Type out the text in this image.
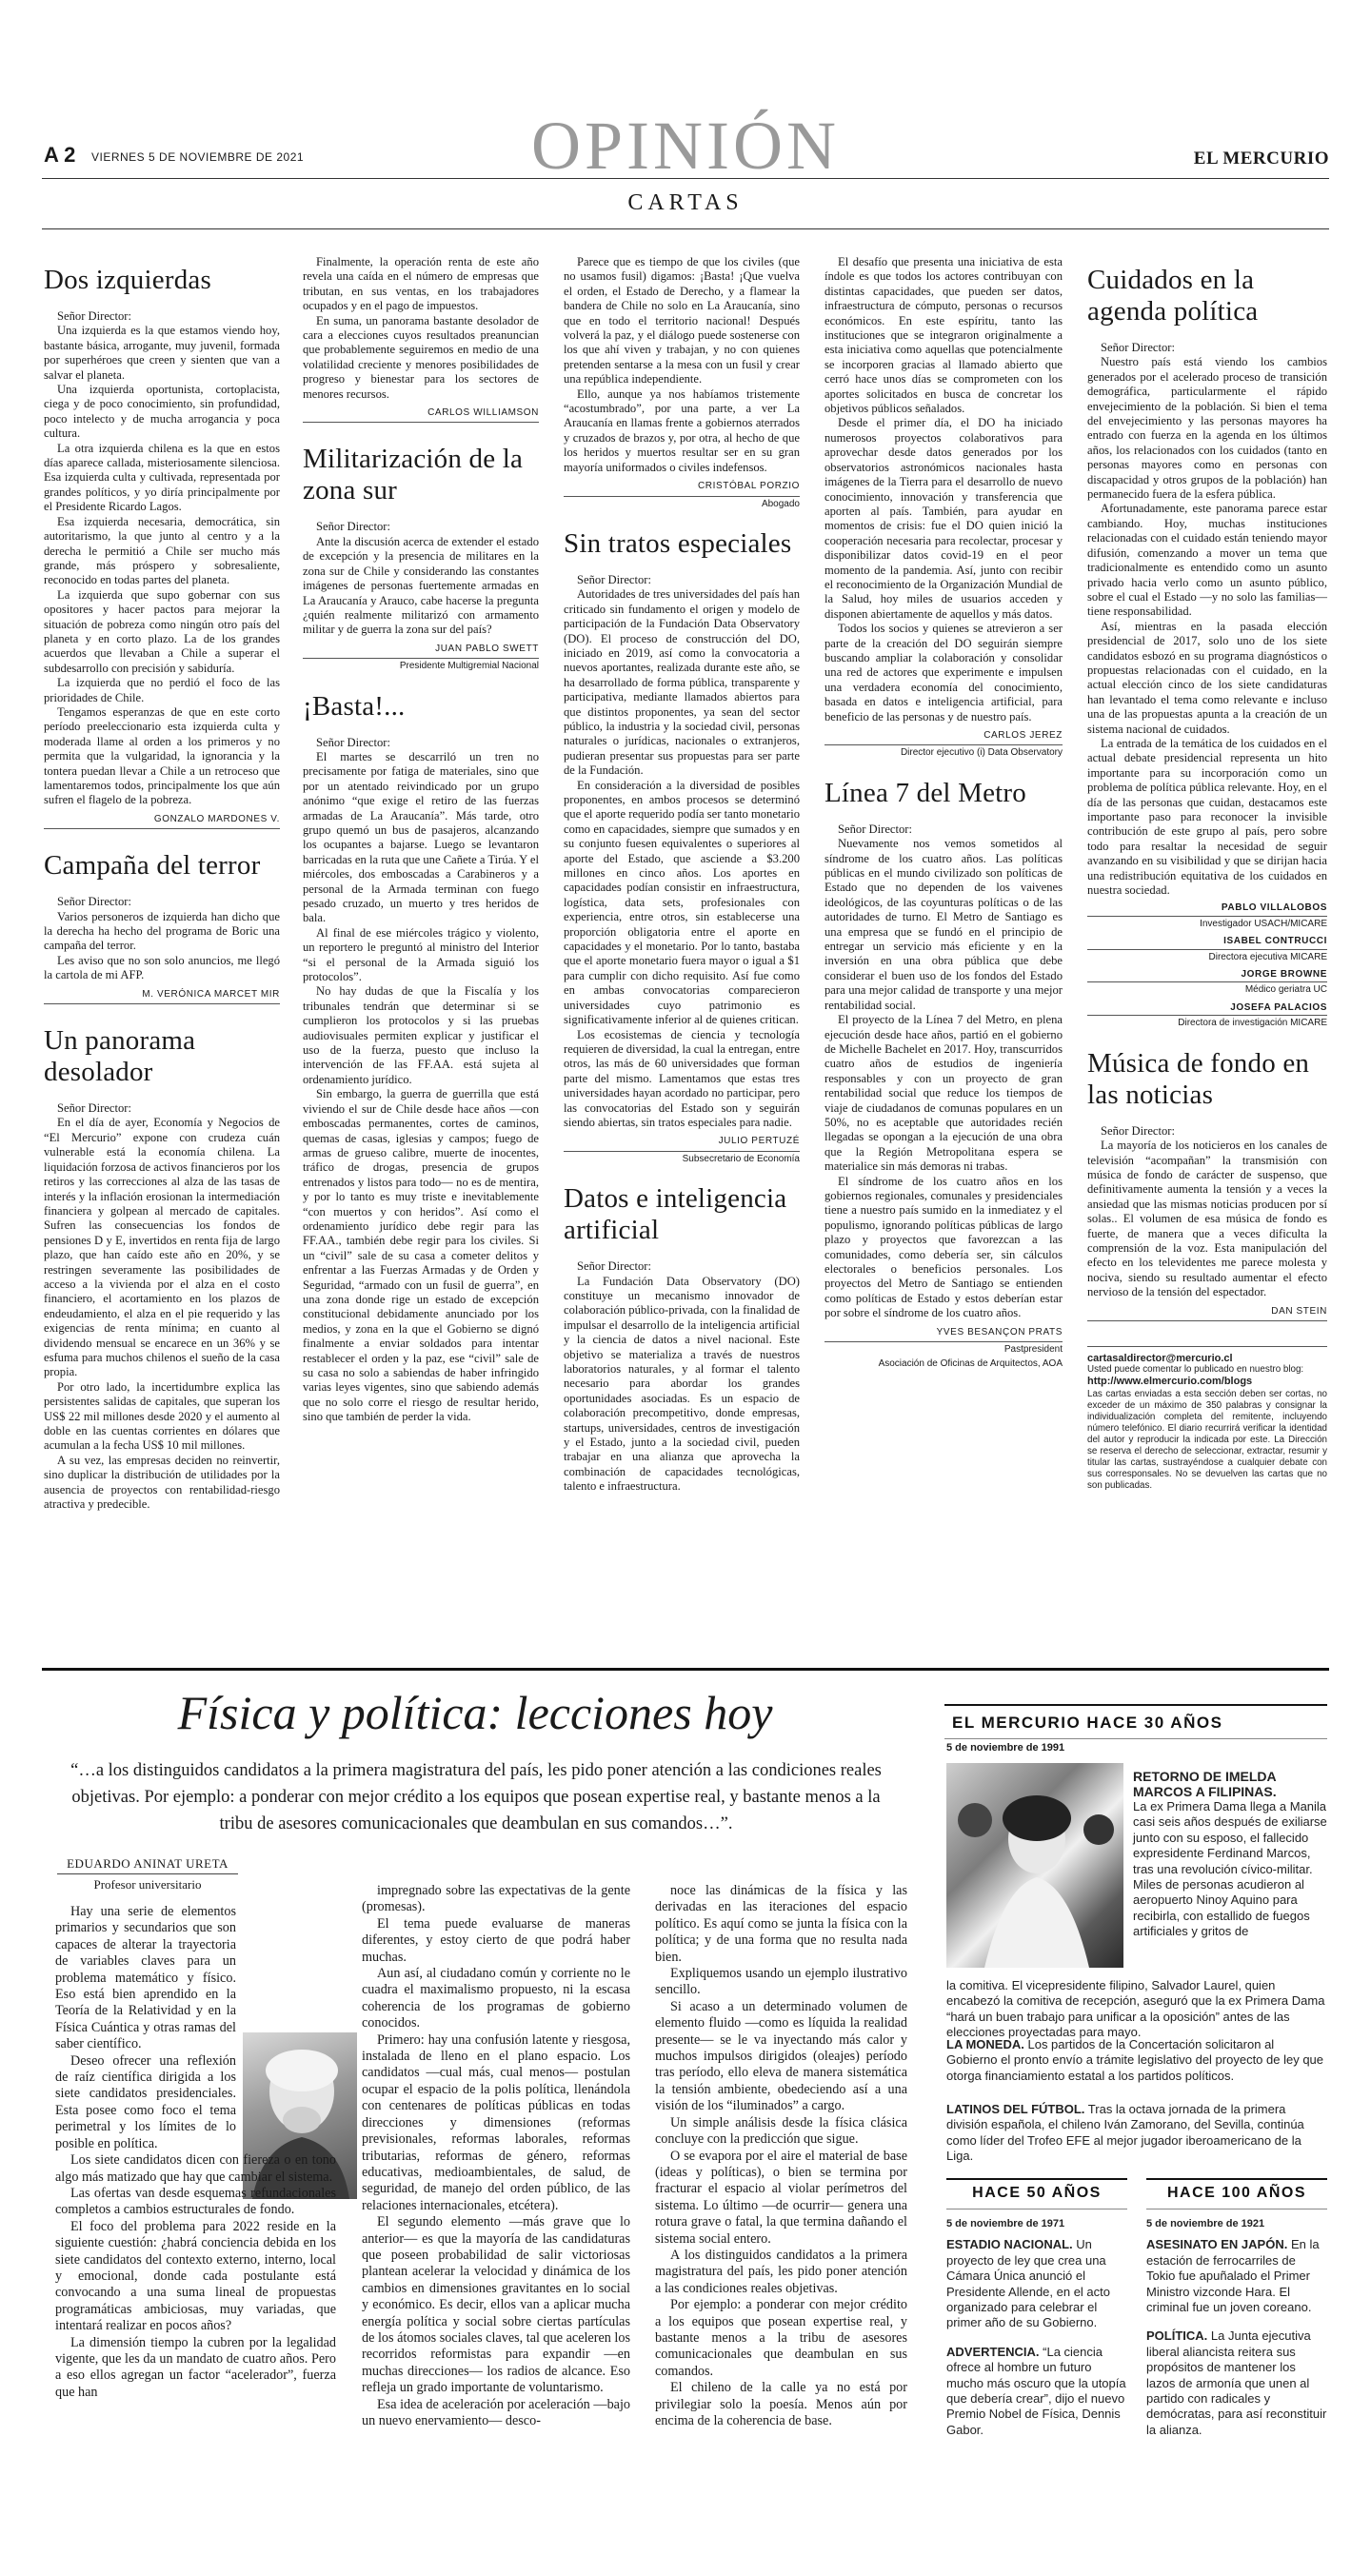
A 2 VIERNES 5 DE NOVIEMBRE DE 2021	OPINIÓN	EL MERCURIO
CARTAS
Dos izquierdas

Señor Director:

Una izquierda es la que estamos viendo hoy, bastante básica, arrogante, muy juvenil, formada por superhéroes que creen y sienten que van a salvar el planeta.

Una izquierda oportunista, cortoplacista, ciega y de poco conocimiento, sin profundidad, poco intelecto y de mucha arrogancia y poca cultura.

La otra izquierda chilena es la que en estos días aparece callada, misteriosamente silenciosa. Esa izquierda culta y cultivada, representada por grandes políticos, y yo diría principalmente por el Presidente Ricardo Lagos.

Esa izquierda necesaria, democrática, sin autoritarismo, la que junto al centro y a la derecha le permitió a Chile ser mucho más grande, más próspero y sobresaliente, reconocido en todas partes del planeta.

La izquierda que supo gobernar con sus opositores y hacer pactos para mejorar la situación de pobreza como ningún otro país del planeta y en corto plazo. La de los grandes acuerdos que llevaban a Chile a superar el subdesarrollo con precisión y sabiduría.

La izquierda que no perdió el foco de las prioridades de Chile.

Tengamos esperanzas de que en este corto período preeleccionario esta izquierda culta y moderada llame al orden a los primeros y no permita que la vulgaridad, la ignorancia y la tontera puedan llevar a Chile a un retroceso que lamentaremos todos, principalmente los que aún sufren el flagelo de la pobreza.

GONZALO MARDONES V.
Campaña del terror

Señor Director:

Varios personeros de izquierda han dicho que la derecha ha hecho del programa de Boric una campaña del terror.

Les aviso que no son solo anuncios, me llegó la cartola de mi AFP.

M. VERÓNICA MARCET MIR
Un panorama desolador

Señor Director:

En el día de ayer, Economía y Negocios de “El Mercurio” expone con crudeza cuán vulnerable está la economía chilena. La liquidación forzosa de activos financieros por los retiros y las correcciones al alza de las tasas de interés y la inflación erosionan la intermediación financiera y golpean al mercado de capitales. Sufren las consecuencias los fondos de pensiones D y E, invertidos en renta fija de largo plazo, que han caído este año en 20%, y se restringen severamente las posibilidades de acceso a la vivienda por el alza en el costo financiero, el acortamiento en los plazos de endeudamiento, el alza en el pie requerido y las exigencias de renta mínima; en cuanto al dividendo mensual se encarece en un 36% y se esfuma para muchos chilenos el sueño de la casa propia.

Por otro lado, la incertidumbre explica las persistentes salidas de capitales, que superan los US$ 22 mil millones desde 2020 y el aumento al doble en las cuentas corrientes en dólares que acumulan a la fecha US$ 10 mil millones.

A su vez, las empresas deciden no reinvertir, sino duplicar la distribución de utilidades por la ausencia de proyectos con rentabilidad-riesgo atractiva y predecible.

Finalmente, la operación renta de este año revela una caída en el número de empresas que tributan, en sus ventas, en los trabajadores ocupados y en el pago de impuestos.

En suma, un panorama bastante desolador de cara a elecciones cuyos resultados preanuncian que probablemente seguiremos en medio de una volatilidad creciente y menores posibilidades de progreso y bienestar para los sectores de menores recursos.

CARLOS WILLIAMSON
Militarización de la zona sur

Señor Director:

Ante la discusión acerca de extender el estado de excepción y la presencia de militares en la zona sur de Chile y considerando las constantes imágenes de personas fuertemente armadas en La Araucanía y Arauco, cabe hacerse la pregunta ¿quién realmente militarizó con armamento militar y de guerra la zona sur del país?

JUAN PABLO SWETT
Presidente Multigremial Nacional
¡Basta!...

Señor Director:

El martes se descarriló un tren no precisamente por fatiga de materiales, sino que por un atentado reivindicado por un grupo anónimo “que exige el retiro de las fuerzas armadas de La Araucanía”. Más tarde, otro grupo quemó un bus de pasajeros, alcanzando los ocupantes a bajarse. Luego se levantaron barricadas en la ruta que une Cañete a Tirúa. Y el miércoles, dos emboscadas a Carabineros y a personal de la Armada terminan con fuego pesado cruzado, un muerto y tres heridos de bala.

Al final de ese miércoles trágico y violento, un reportero le preguntó al ministro del Interior “si el personal de la Armada siguió los protocolos”.

No hay dudas de que la Fiscalía y los tribunales tendrán que determinar si se cumplieron los protocolos y si las pruebas audiovisuales permiten explicar y justificar el uso de la fuerza, puesto que incluso la intervención de las FF.AA. está sujeta al ordenamiento jurídico.

Sin embargo, la guerra de guerrilla que está viviendo el sur de Chile desde hace años —con emboscadas permanentes, cortes de caminos, quemas de casas, iglesias y campos; fuego de armas de grueso calibre, muerte de inocentes, tráfico de drogas, presencia de grupos entrenados y listos para todo— no es de mentira, y por lo tanto es muy triste e inevitablemente “con muertos y con heridos”. Así como el ordenamiento jurídico debe regir para las FF.AA., también debe regir para los civiles. Si un “civil” sale de su casa a cometer delitos y enfrentar a las Fuerzas Armadas y de Orden y Seguridad, “armado con un fusil de guerra”, en una zona donde rige un estado de excepción constitucional debidamente anunciado por los medios, y zona en la que el Gobierno se dignó finalmente a enviar soldados para intentar restablecer el orden y la paz, ese “civil” sale de su casa no solo a sabiendas de haber infringido varias leyes vigentes, sino que sabiendo además que no solo corre el riesgo de resultar herido, sino que también de perder la vida.

Parece que es tiempo de que los civiles (que no usamos fusil) digamos: ¡Basta! ¡Que vuelva el orden, el Estado de Derecho, y a flamear la bandera de Chile no solo en La Araucanía, sino que en todo el territorio nacional! Después volverá la paz, y el diálogo puede sostenerse con los que ahí viven y trabajan, y no con quienes pretenden sentarse a la mesa con un fusil y crear una república independiente.

Ello, aunque ya nos habíamos tristemente “acostumbrado”, por una parte, a ver La Araucanía en llamas frente a gobiernos aterrados y cruzados de brazos y, por otra, al hecho de que los heridos y muertos resultar ser en su gran mayoría uniformados o civiles indefensos.

CRISTÓBAL PORZIO
Abogado
Sin tratos especiales

Señor Director:

Autoridades de tres universidades del país han criticado sin fundamento el origen y modelo de participación de la Fundación Data Observatory (DO). El proceso de construcción del DO, iniciado en 2019, así como la convocatoria a nuevos aportantes, realizada durante este año, se ha desarrollado de forma pública, transparente y participativa, mediante llamados abiertos para que distintos proponentes, ya sean del sector público, la industria y la sociedad civil, personas naturales o jurídicas, nacionales o extranjeros, pudieran presentar sus propuestas para ser parte de la Fundación.

En consideración a la diversidad de posibles proponentes, en ambos procesos se determinó que el aporte requerido podía ser tanto monetario como en capacidades, siempre que sumados y en su conjunto fuesen equivalentes o superiores al aporte del Estado, que asciende a $3.200 millones en cinco años. Los aportes en capacidades podían consistir en infraestructura, logística, data sets, profesionales con experiencia, entre otros, sin establecerse una proporción obligatoria entre el aporte en capacidades y el monetario. Por lo tanto, bastaba que el aporte monetario fuera mayor o igual a $1 para cumplir con dicho requisito. Así fue como en ambas convocatorias comparecieron universidades cuyo patrimonio es significativamente inferior al de quienes critican.

Los ecosistemas de ciencia y tecnología requieren de diversidad, la cual la entregan, entre otros, las más de 60 universidades que forman parte del mismo. Lamentamos que estas tres universidades hayan acordado no participar, pero las convocatorias del Estado son y seguirán siendo abiertas, sin tratos especiales para nadie.

JULIO PERTUZÉ
Subsecretario de Economía
Datos e inteligencia artificial

Señor Director:

La Fundación Data Observatory (DO) constituye un mecanismo innovador de colaboración público-privada, con la finalidad de impulsar el desarrollo de la inteligencia artificial y la ciencia de datos a nivel nacional. Este objetivo se materializa a través de nuestros laboratorios naturales, y al formar el talento necesario para abordar los grandes oportunidades asociadas. Es un espacio de colaboración precompetitivo, donde empresas, startups, universidades, centros de investigación y el Estado, junto a la sociedad civil, pueden trabajar en una alianza que aprovecha la combinación de capacidades tecnológicas, talento e infraestructura.

El desafío que presenta una iniciativa de esta índole es que todos los actores contribuyan con distintas capacidades, que pueden ser datos, infraestructura de cómputo, personas o recursos económicos. En este espíritu, tanto las instituciones que se integraron originalmente a esta iniciativa como aquellas que potencialmente se incorporen gracias al llamado abierto que cerró hace unos días se comprometen con los aportes solicitados en busca de concretar los objetivos públicos señalados.

Desde el primer día, el DO ha iniciado numerosos proyectos colaborativos para aprovechar desde datos generados por los observatorios astronómicos nacionales hasta imágenes de la Tierra para el desarrollo de nuevo conocimiento, innovación y transferencia que aporten al país. También, para ayudar en momentos de crisis: fue el DO quien inició la cooperación necesaria para recolectar, procesar y disponibilizar datos covid-19 en el peor momento de la pandemia. Así, junto con recibir el reconocimiento de la Organización Mundial de la Salud, hoy miles de usuarios acceden y disponen abiertamente de aquellos y más datos.

Todos los socios y quienes se atrevieron a ser parte de la creación del DO seguirán siempre buscando ampliar la colaboración y consolidar una red de actores que experimente e impulsen una verdadera economía del conocimiento, basada en datos e inteligencia artificial, para beneficio de las personas y de nuestro país.

CARLOS JEREZ
Director ejecutivo (i) Data Observatory
Línea 7 del Metro

Señor Director:

Nuevamente nos vemos sometidos al síndrome de los cuatro años. Las políticas públicas en el mundo civilizado son políticas de Estado que no dependen de los vaivenes ideológicos, de las coyunturas políticas o de las autoridades de turno. El Metro de Santiago es una empresa que se fundó en el principio de entregar un servicio más eficiente y en la inversión en una obra pública que debe considerar el buen uso de los fondos del Estado para una mejor calidad de transporte y una mejor rentabilidad social.

El proyecto de la Línea 7 del Metro, en plena ejecución desde hace años, partió en el gobierno de Michelle Bachelet en 2017. Hoy, transcurridos cuatro años de estudios de ingeniería responsables y con un proyecto de gran rentabilidad social que reduce los tiempos de viaje de ciudadanos de comunas populares en un 50%, no es aceptable que autoridades recién llegadas se opongan a la ejecución de una obra que la Región Metropolitana espera se materialice sin más demoras ni trabas.

El síndrome de los cuatro años en los gobiernos regionales, comunales y presidenciales tiene a nuestro país sumido en la inmediatez y el populismo, ignorando políticas públicas de largo plazo y proyectos que favorezcan a las comunidades, como debería ser, sin cálculos electorales o beneficios personales. Los proyectos del Metro de Santiago se entienden como políticas de Estado y estos deberían estar por sobre el síndrome de los cuatro años.

YVES BESANÇON PRATS
Pastpresident
Asociación de Oficinas de Arquitectos, AOA
Cuidados en la agenda política

Señor Director:

Nuestro país está viendo los cambios generados por el acelerado proceso de transición demográfica, particularmente el rápido envejecimiento de la población. Si bien el tema del envejecimiento y las personas mayores ha entrado con fuerza en la agenda en los últimos años, los relacionados con los cuidados (tanto en personas mayores como en personas con discapacidad y otros grupos de la población) han permanecido fuera de la esfera pública.

Afortunadamente, este panorama parece estar cambiando. Hoy, muchas instituciones relacionadas con el cuidado están teniendo mayor difusión, comenzando a mover un tema que tradicionalmente es entendido como un asunto privado hacia verlo como un asunto público, sobre el cual el Estado —y no solo las familias— tiene responsabilidad.

Así, mientras en la pasada elección presidencial de 2017, solo uno de los siete candidatos esbozó en su programa diagnósticos o propuestas relacionadas con el cuidado, en la actual elección cinco de los siete candidaturas han levantado el tema como relevante e incluso una de las propuestas apunta a la creación de un sistema nacional de cuidados.

La entrada de la temática de los cuidados en el actual debate presidencial representa un hito importante para su incorporación como un problema de política pública relevante. Hoy, en el día de las personas que cuidan, destacamos este importante paso para reconocer la invisible contribución de este grupo al país, pero sobre todo para resaltar la necesidad de seguir avanzando en su visibilidad y que se dirijan hacia una redistribución equitativa de los cuidados en nuestra sociedad.

PABLO VILLALOBOS
Investigador USACH/MICARE
ISABEL CONTRUCCI
Directora ejecutiva MICARE
JORGE BROWNE
Médico geriatra UC
JOSEFA PALACIOS
Directora de investigación MICARE
Música de fondo en las noticias

Señor Director:

La mayoría de los noticieros en los canales de televisión “acompañan” la transmisión con música de fondo de carácter de suspenso, que definitivamente aumenta la tensión y a veces la ansiedad que las mismas noticias producen por sí solas.. El volumen de esa música de fondo es fuerte, de manera que a veces dificulta la comprensión de la voz. Esta manipulación del efecto en los televidentes me parece molesta y nociva, siendo su resultado aumentar el efecto nervioso de la tensión del espectador.

DAN STEIN
cartasaldirector@mercurio.cl
Usted puede comentar lo publicado en nuestro blog:
http://www.elmercurio.com/blogs
Las cartas enviadas a esta sección deben ser cortas, no exceder de un máximo de 350 palabras y consignar la individualización completa del remitente, incluyendo número telefónico. El diario recurrirá verificar la identidad del autor y reproducir la indicada por este. La Dirección se reserva el derecho de seleccionar, extractar, resumir y titular las cartas, sustrayéndose a cualquier debate con sus corresponsales. No se devuelven las cartas que no son publicadas.
Física y política: lecciones hoy
“…a los distinguidos candidatos a la primera magistratura del país, les pido poner atención a las condiciones reales objetivas. Por ejemplo: a ponderar con mejor crédito a los equipos que posean expertise real, y bastante menos a la tribu de asesores comunicacionales que deambulan en sus comandos…”.
EDUARDO ANINAT URETA
Profesor universitario

Hay una serie de elementos primarios y secundarios que son capaces de alterar la trayectoria de variables claves para un problema matemático y físico. Eso está bien aprendido en la Teoría de la Relatividad y en la Física Cuántica y otras ramas del saber científico.

Deseo ofrecer una reflexión de raíz científica dirigida a los siete candidatos presidenciales. Esta posee como foco el tema perimetral y los límites de lo posible en política.

Los siete candidatos dicen con fiereza o en tono algo más matizado que hay que cambiar el sistema.

Las ofertas van desde esquemas refundacionales completos a cambios estructurales de fondo.

El foco del problema para 2022 reside en la siguiente cuestión: ¿habrá conciencia debida en los siete candidatos del contexto externo, interno, local y emocional, donde cada postulante está convocando a una suma lineal de propuestas programáticas ambiciosas, muy variadas, que intentará realizar en pocos años?

La dimensión tiempo la cubren por la legalidad vigente, que les da un mandato de cuatro años. Pero a eso ellos agregan un factor “acelerador”, fuerza que han

impregnado sobre las expectativas de la gente (promesas).

El tema puede evaluarse de maneras diferentes, y estoy cierto de que podrá haber muchas.

Aun así, al ciudadano común y corriente no le cuadra el maximalismo propuesto, ni la escasa coherencia de los programas de gobierno conocidos.

Primero: hay una confusión latente y riesgosa, instalada de lleno en el plano espacio. Los candidatos —cual más, cual menos— postulan ocupar el espacio de la polis política, llenándola con centenares de políticas públicas en todas direcciones y dimensiones (reformas previsionales, reformas laborales, reformas tributarias, reformas de género, reformas educativas, medioambientales, de salud, de seguridad, de manejo del orden público, de las relaciones internacionales, etcétera).

El segundo elemento —más grave que lo anterior— es que la mayoría de las candidaturas que poseen probabilidad de salir victoriosas plantean acelerar la velocidad y dinámica de los cambios en dimensiones gravitantes en lo social y económico. Es decir, ellos van a aplicar mucha energía política y social sobre ciertas partículas de los átomos sociales claves, tal que aceleren los recorridos reformistas para expandir —en muchas direcciones— los radios de alcance. Eso refleja un grado importante de voluntarismo.

Esa idea de aceleración por aceleración —bajo un nuevo enervamiento— desco-

noce las dinámicas de la física y las derivadas en las iteraciones del espacio político. Es aquí como se junta la física con la política; y de una forma que no resulta nada bien.

Expliquemos usando un ejemplo ilustrativo sencillo.

Si acaso a un determinado volumen de elemento fluido —como es líquida la realidad presente— se le va inyectando más calor y muchos impulsos dirigidos (oleajes) período tras período, ello eleva de manera sistemática la tensión ambiente, obedeciendo así a una visión de los “iluminados” a cargo.

Un simple análisis desde la física clásica concluye con la predicción que sigue.

O se evapora por el aire el material de base (ideas y políticas), o bien se termina por fracturar el espacio al violar perímetros del sistema. Lo último —de ocurrir— genera una rotura grave o fatal, la que termina dañando el sistema social entero.

A los distinguidos candidatos a la primera magistratura del país, les pido poner atención a las condiciones reales objetivas.

Por ejemplo: a ponderar con mejor crédito a los equipos que posean expertise real, y bastante menos a la tribu de asesores comunicacionales que deambulan en sus comandos.

El chileno de la calle ya no está por privilegiar solo la poesía. Menos aún por encima de la coherencia de base.

EL MERCURIO HACE 30 AÑOS
5 de noviembre de 1991
RETORNO DE IMELDA MARCOS A FILIPINAS.
La ex Primera Dama llega a Manila casi seis años después de exiliarse junto con su esposo, el fallecido expresidente Ferdinand Marcos, tras una revolución cívico-militar. Miles de personas acudieron al aeropuerto Ninoy Aquino para recibirla, con estallido de fuegos artificiales y gritos de
la comitiva. El vicepresidente filipino, Salvador Laurel, quien encabezó la comitiva de recepción, aseguró que la ex Primera Dama “hará un buen trabajo para unificar a la oposición” antes de las elecciones proyectadas para mayo.
LA MONEDA. Los partidos de la Concertación solicitaron al Gobierno el pronto envío a trámite legislativo del proyecto de ley que otorga financiamiento estatal a los partidos políticos.
LATINOS DEL FÚTBOL. Tras la octava jornada de la primera división española, el chileno Iván Zamorano, del Sevilla, continúa como líder del Trofeo EFE al mejor jugador iberoamericano de la Liga.
HACE 50 AÑOS
5 de noviembre de 1971
ESTADIO NACIONAL. Un proyecto de ley que crea una Cámara Única anunció el Presidente Allende, en el acto organizado para celebrar el primer año de su Gobierno.
ADVERTENCIA. “La ciencia ofrece al hombre un futuro mucho más oscuro que la utopía que debería crear”, dijo el nuevo Premio Nobel de Física, Dennis Gabor.
HACE 100 AÑOS
5 de noviembre de 1921
ASESINATO EN JAPÓN. En la estación de ferrocarriles de Tokio fue apuñalado el Primer Ministro vizconde Hara. El criminal fue un joven coreano.
POLÍTICA. La Junta ejecutiva liberal aliancista reitera sus propósitos de mantener los lazos de armonía que unen al partido con radicales y demócratas, para así reconstituir la alianza.
